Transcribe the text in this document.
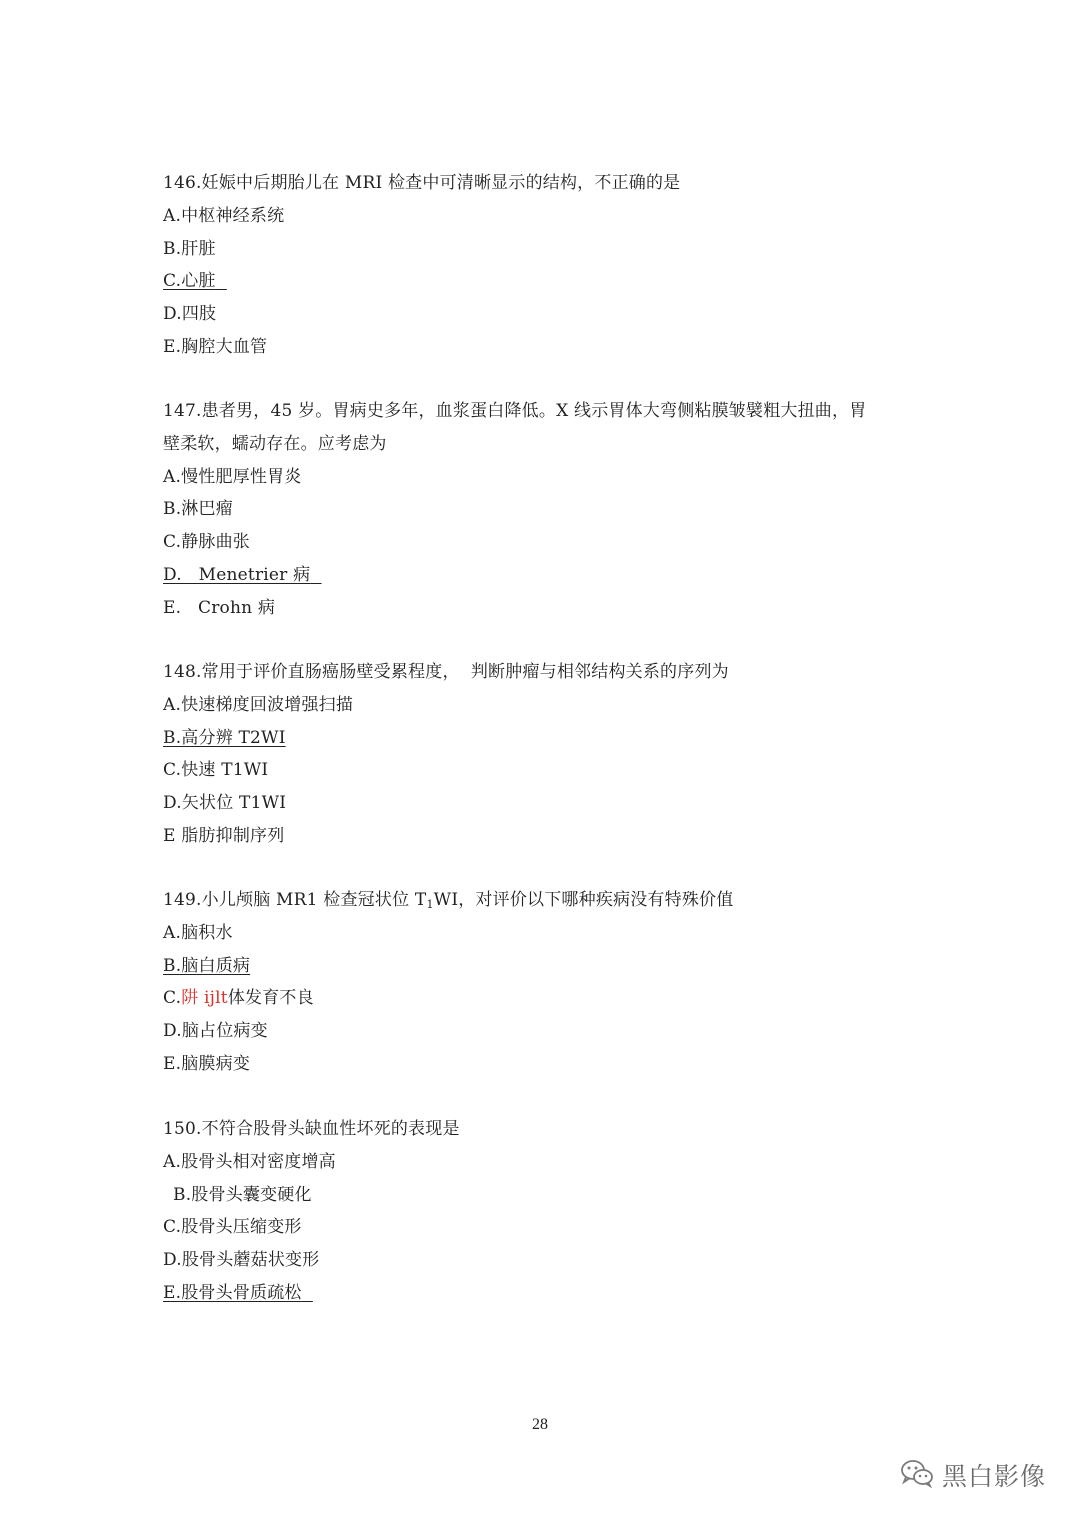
146.妊娠中后期胎儿在 MRI 检查中可清晰显示的结构，不正确的是
A.中枢神经系统
B.肝脏
C.心脏
D.四肢
E.胸腔大血管
147.患者男，45 岁。胃病史多年，血浆蛋白降低。X 线示胃体大弯侧粘膜皱襞粗大扭曲，胃
壁柔软，蠕动存在。应考虑为
A.慢性肥厚性胃炎
B.淋巴瘤
C.静脉曲张
D.   Menetrier 病
E.   Crohn 病
148.常用于评价直肠癌肠壁受累程度，  判断肿瘤与相邻结构关系的序列为
A.快速梯度回波增强扫描
B.高分辨 T2WI
C.快速 T1WI
D.矢状位 T1WI
E 脂肪抑制序列
149.小儿颅脑 MR1 检查冠状位 $T_1WI$，对评价以下哪种疾病没有特殊价值
A.脑积水
B.脑白质病
C.阱 ijlt体发育不良
D.脑占位病变
E.脑膜病变
150.不符合股骨头缺血性坏死的表现是
A.股骨头相对密度增高
B.股骨头囊变硬化
C.股骨头压缩变形
D.股骨头蘑菇状变形
E.股骨头骨质疏松
28
黑白影像
